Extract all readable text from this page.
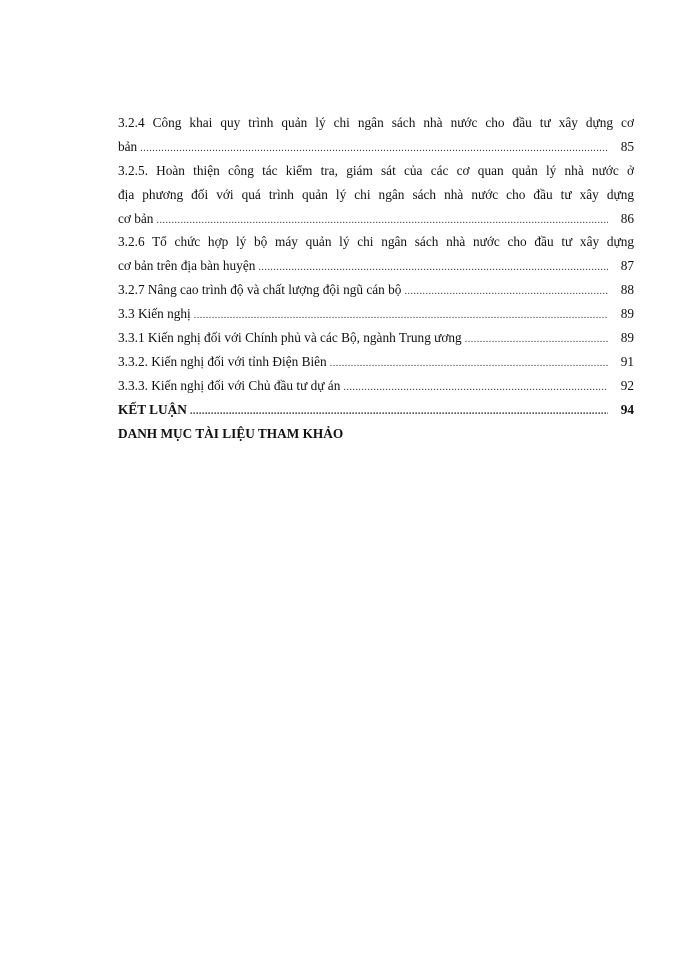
3.2.4 Công khai quy trình quản lý chi ngân sách nhà nước cho đầu tư xây dựng cơ
bản .....	85
3.2.5. Hoàn thiện công tác kiểm tra, giám sát của các cơ quan quản lý nhà nước ở
địa phương đối với quá trình quản lý chi ngân sách nhà nước cho đầu tư xây dựng
cơ bản .....	86
3.2.6 Tổ chức hợp lý bộ máy quản lý chi ngân sách nhà nước cho đầu tư xây dựng
cơ bản trên địa bàn huyện .....	87
3.2.7 Nâng cao trình độ và chất lượng đội ngũ cán bộ .....	88
3.3 Kiến nghị .....	89
3.3.1 Kiến nghị đối với Chính phủ và các Bộ, ngành Trung ương .....	89
3.3.2. Kiến nghị đối với tỉnh Điện Biên .....	91
3.3.3. Kiến nghị đối với Chủ đầu tư dự án .....	92
KẾT LUẬN .....	94
DANH MỤC TÀI LIỆU THAM KHẢO
